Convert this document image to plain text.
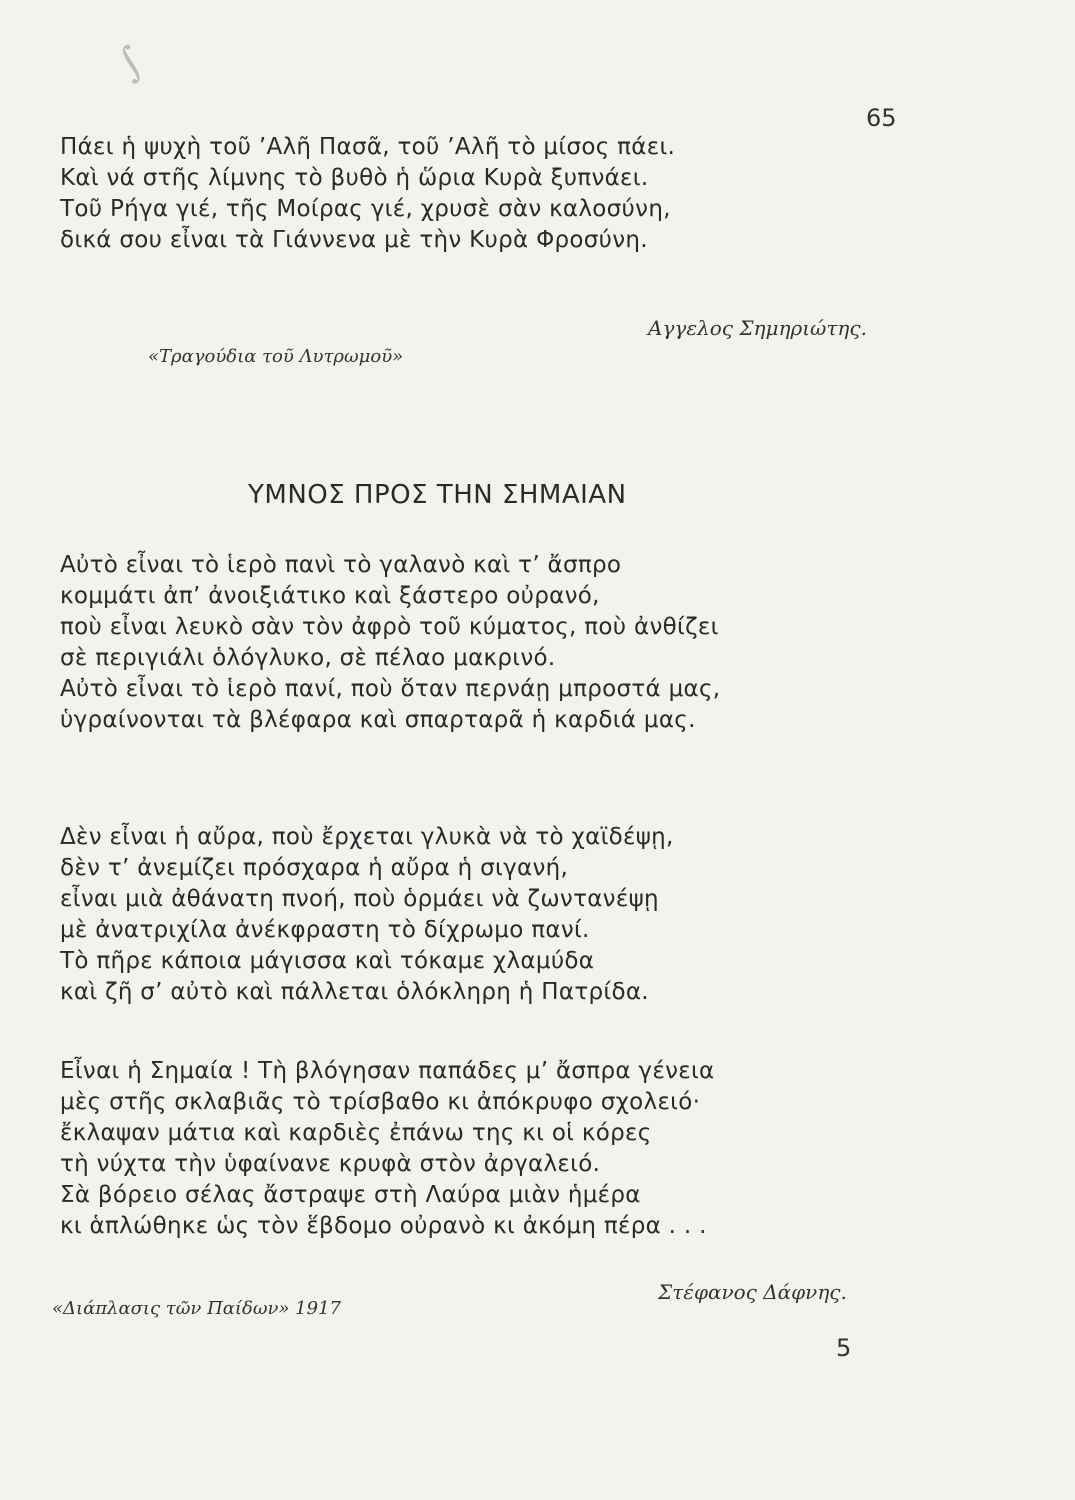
∫
65
Πάει ἡ ψυχὴ τοῦ ’Αλῆ Πασᾶ, τοῦ ’Αλῆ τὸ μίσος πάει.
Καὶ νά στῆς λίμνης τὸ βυθὸ ἡ ὥρια Κυρὰ ξυπνάει.
Τοῦ Ρήγα γιέ, τῆς Μοίρας γιέ, χρυσὲ σὰν καλοσύνη,
δικά σου εἶναι τὰ Γιάννενα μὲ τὴν Κυρὰ Φροσύνη.
Αγγελος Σημηριώτης.
«Τραγούδια τοῦ Λυτρωμοῦ»
ΥΜΝΟΣ ΠΡΟΣ ΤΗΝ ΣΗΜΑΙΑΝ
Αὐτὸ εἶναι τὸ ἱερὸ πανὶ τὸ γαλανὸ καὶ τ’ ἄσπρο
κομμάτι ἀπ’ ἀνοιξιάτικο καὶ ξάστερο οὐρανό,
ποὺ εἶναι λευκὸ σὰν τὸν ἀφρὸ τοῦ κύματος, ποὺ ἀνθίζει
σὲ περιγιάλι ὁλόγλυκο, σὲ πέλαο μακρινό.
Αὐτὸ εἶναι τὸ ἱερὸ πανί, ποὺ ὅταν περνάῃ μπροστά μας,
ὑγραίνονται τὰ βλέφαρα καὶ σπαρταρᾶ ἡ καρδιά μας.
Δὲν εἶναι ἡ αὔρα, ποὺ ἔρχεται γλυκὰ νὰ τὸ χαϊδέψῃ,
δὲν τ’ ἀνεμίζει πρόσχαρα ἡ αὔρα ἡ σιγανή,
εἶναι μιὰ ἀθάνατη πνοή, ποὺ ὁρμάει νὰ ζωντανέψῃ
μὲ ἀνατριχίλα ἀνέκφραστη τὸ δίχρωμο πανί.
Τὸ πῆρε κάποια μάγισσα καὶ τόκαμε χλαμύδα
καὶ ζῆ σ’ αὐτὸ καὶ πάλλεται ὁλόκληρη ἡ Πατρίδα.
Εἶναι ἡ Σημαία ! Τὴ βλόγησαν παπάδες μ’ ἄσπρα γένεια
μὲς στῆς σκλαβιᾶς τὸ τρίσβαθο κι ἀπόκρυφο σχολειό·
ἔκλαψαν μάτια καὶ καρδιὲς ἐπάνω της κι οἱ κόρες
τὴ νύχτα τὴν ὑφαίνανε κρυφὰ στὸν ἀργαλειό.
Σὰ βόρειο σέλας ἄστραψε στὴ Λαύρα μιὰν ἡμέρα
κι ἁπλώθηκε ὡς τὸν ἕβδομο οὐρανὸ κι ἀκόμη πέρα . . .
Στέφανος Δάφνης.
«Διάπλασις τῶν Παίδων» 1917
5
